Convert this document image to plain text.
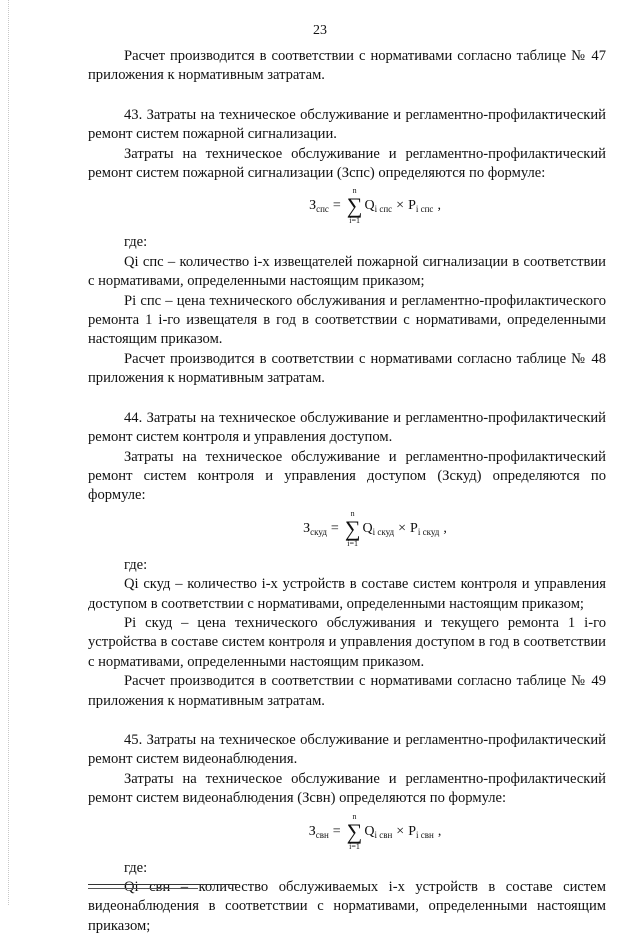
23

Расчет производится в соответствии с нормативами согласно таблице № 47 приложения к нормативным затратам.

43. Затраты на техническое обслуживание и регламентно-профилактический ремонт систем пожарной сигнализации.

Затраты на техническое обслуживание и регламентно-профилактический ремонт систем пожарной сигнализации (Зспс) определяются по формуле:

З спс =
n
∑
i=1
Q i спс × P i спс ,

где:

Qi спс – количество i-х извещателей пожарной сигнализации в соответствии с нормативами, определенными настоящим приказом;

Pi спс – цена технического обслуживания и регламентно-профилактического ремонта 1 i-го извещателя в год в соответствии с нормативами, определенными настоящим приказом.

Расчет производится в соответствии с нормативами согласно таблице № 48 приложения к нормативным затратам.

44. Затраты на техническое обслуживание и регламентно-профилактический ремонт систем контроля и управления доступом.

Затраты на техническое обслуживание и регламентно-профилактический ремонт систем контроля и управления доступом (Зскуд) определяются по формуле:

З скуд =
n
∑
i=1
Q i скуд × P i скуд ,

где:

Qi скуд – количество i-х устройств в составе систем контроля и управления доступом в соответствии с нормативами, определенными настоящим приказом;

Pi скуд – цена технического обслуживания и текущего ремонта 1 i-го устройства в составе систем контроля и управления доступом в год в соответствии с нормативами, определенными настоящим приказом.

Расчет производится в соответствии с нормативами согласно таблице № 49 приложения к нормативным затратам.

45. Затраты на техническое обслуживание и регламентно-профилактический ремонт систем видеонаблюдения.

Затраты на техническое обслуживание и регламентно-профилактический ремонт систем видеонаблюдения (Зсвн) определяются по формуле:

З свн =
n
∑
i=1
Q i свн × P i свн ,

где:

Qi свн – количество обслуживаемых i-х устройств в составе систем видеонаблюдения в соответствии с нормативами, определенными настоящим приказом;
